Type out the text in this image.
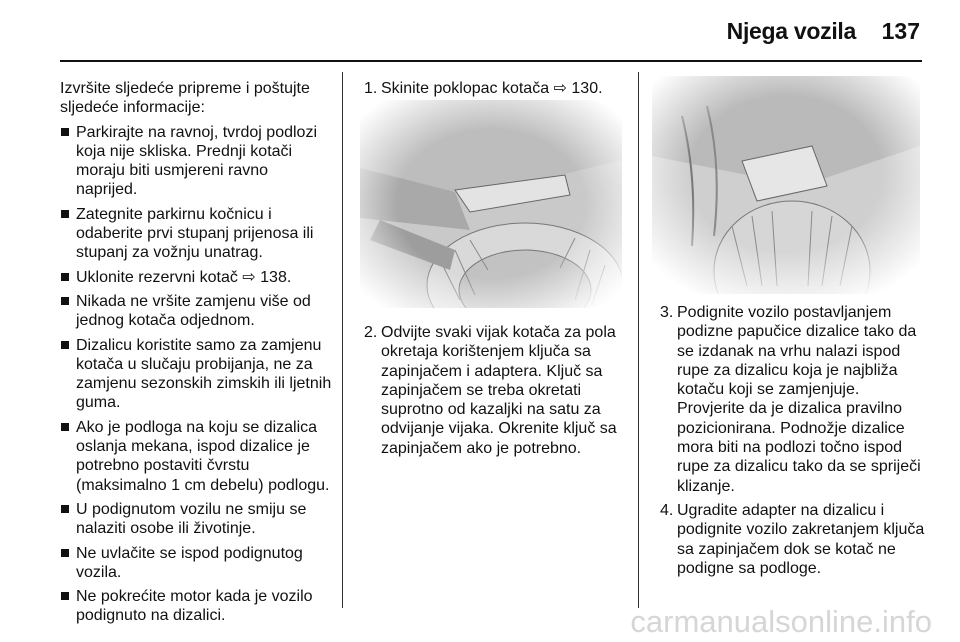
Njega vozila 137

Izvršite sljedeće pripreme i poštujte sljedeće informacije:

Parkirajte na ravnoj, tvrdoj podlozi koja nije skliska. Prednji kotači moraju biti usmjereni ravno naprijed.
Zategnite parkirnu kočnicu i odaberite prvi stupanj prijenosa ili stupanj za vožnju unatrag.
Uklonite rezervni kotač ⇨ 138.
Nikada ne vršite zamjenu više od jednog kotača odjednom.
Dizalicu koristite samo za zamjenu kotača u slučaju probijanja, ne za zamjenu sezonskih zimskih ili ljetnih guma.
Ako je podloga na koju se dizalica oslanja mekana, ispod dizalice je potrebno postaviti čvrstu (maksimalno 1 cm debelu) podlogu.
U podignutom vozilu ne smiju se nalaziti osobe ili životinje.
Ne uvlačite se ispod podignutog vozila.
Ne pokrećite motor kada je vozilo podignuto na dizalici.
1. Skinite poklopac kotača ⇨ 130.
2. Odvijte svaki vijak kotača za pola okretaja korištenjem ključa sa zapinjačem i adaptera. Ključ sa zapinjačem se treba okretati suprotno od kazaljki na satu za odvijanje vijaka. Okrenite ključ sa zapinjačem ako je potrebno.
3. Podignite vozilo postavljanjem podizne papučice dizalice tako da se izdanak na vrhu nalazi ispod rupe za dizalicu koja je najbliža kotaču koji se zamjenjuje.

Provjerite da je dizalica pravilno pozicionirana. Podnožje dizalice mora biti na podlozi točno ispod rupe za dizalicu tako da se spriječi klizanje.

4. Ugradite adapter na dizalicu i podignite vozilo zakretanjem ključa sa zapinjačem dok se kotač ne podigne sa podloge.
carmanualsonline.info
